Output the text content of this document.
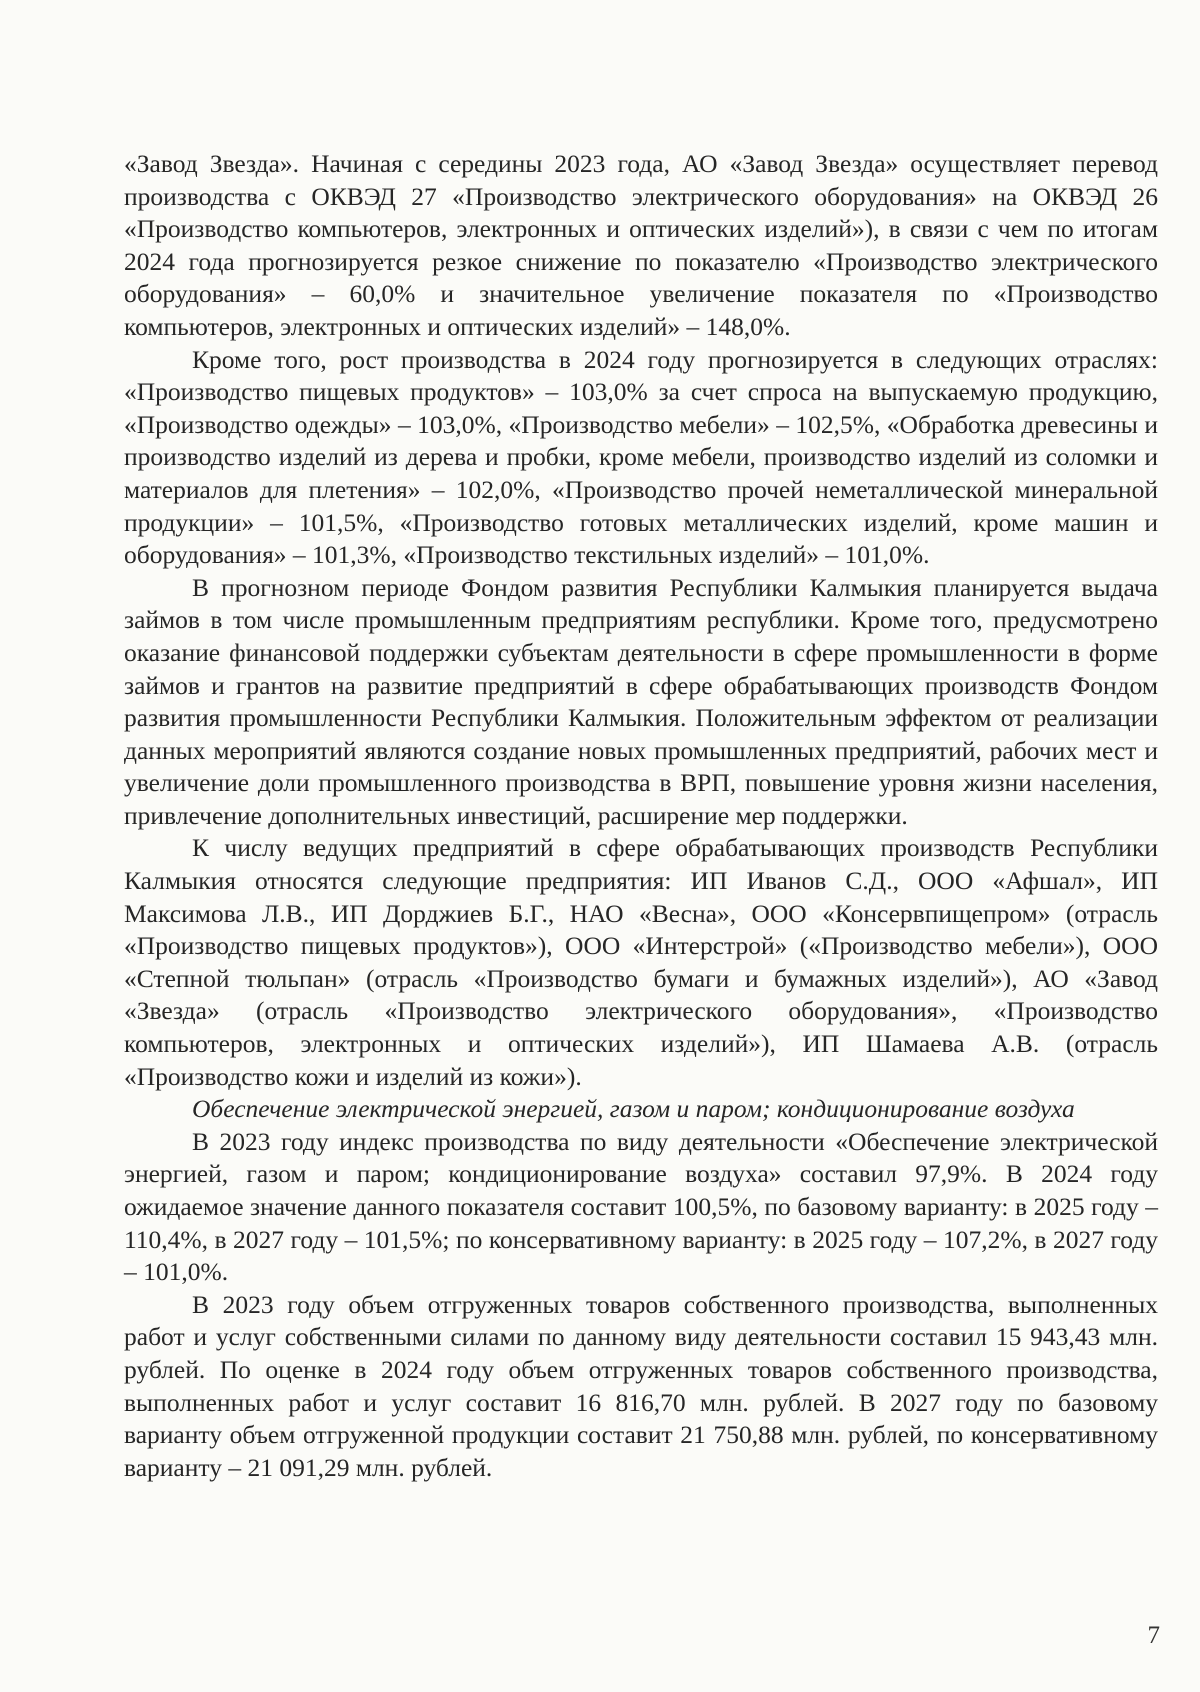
«Завод Звезда». Начиная с середины 2023 года, АО «Завод Звезда» осуществляет перевод производства с ОКВЭД 27 «Производство электрического оборудования» на ОКВЭД 26 «Производство компьютеров, электронных и оптических изделий»), в связи с чем по итогам 2024 года прогнозируется резкое снижение по показателю «Производство электрического оборудования» – 60,0% и значительное увеличение показателя по «Производство компьютеров, электронных и оптических изделий» – 148,0%.

Кроме того, рост производства в 2024 году прогнозируется в следующих отраслях: «Производство пищевых продуктов» – 103,0% за счет спроса на выпускаемую продукцию, «Производство одежды» – 103,0%, «Производство мебели» – 102,5%, «Обработка древесины и производство изделий из дерева и пробки, кроме мебели, производство изделий из соломки и материалов для плетения» – 102,0%, «Производство прочей неметаллической минеральной продукции» – 101,5%, «Производство готовых металлических изделий, кроме машин и оборудования» – 101,3%, «Производство текстильных изделий» – 101,0%.

В прогнозном периоде Фондом развития Республики Калмыкия планируется выдача займов в том числе промышленным предприятиям республики. Кроме того, предусмотрено оказание финансовой поддержки субъектам деятельности в сфере промышленности в форме займов и грантов на развитие предприятий в сфере обрабатывающих производств Фондом развития промышленности Республики Калмыкия. Положительным эффектом от реализации данных мероприятий являются создание новых промышленных предприятий, рабочих мест и увеличение доли промышленного производства в ВРП, повышение уровня жизни населения, привлечение дополнительных инвестиций, расширение мер поддержки.

К числу ведущих предприятий в сфере обрабатывающих производств Республики Калмыкия относятся следующие предприятия: ИП Иванов С.Д., ООО «Афшал», ИП Максимова Л.В., ИП Дорджиев Б.Г., НАО «Весна», ООО «Консервпищепром» (отрасль «Производство пищевых продуктов»), ООО «Интерстрой» («Производство мебели»), ООО «Степной тюльпан» (отрасль «Производство бумаги и бумажных изделий»), АО «Завод «Звезда» (отрасль «Производство электрического оборудования», «Производство компьютеров, электронных и оптических изделий»), ИП Шамаева А.В. (отрасль «Производство кожи и изделий из кожи»).

Обеспечение электрической энергией, газом и паром; кондиционирование воздуха

В 2023 году индекс производства по виду деятельности «Обеспечение электрической энергией, газом и паром; кондиционирование воздуха» составил 97,9%. В 2024 году ожидаемое значение данного показателя составит 100,5%, по базовому варианту: в 2025 году – 110,4%, в 2027 году – 101,5%; по консервативному варианту: в 2025 году – 107,2%, в 2027 году – 101,0%.

В 2023 году объем отгруженных товаров собственного производства, выполненных работ и услуг собственными силами по данному виду деятельности составил 15 943,43 млн. рублей. По оценке в 2024 году объем отгруженных товаров собственного производства, выполненных работ и услуг составит 16 816,70 млн. рублей. В 2027 году по базовому варианту объем отгруженной продукции составит 21 750,88 млн. рублей, по консервативному варианту – 21 091,29 млн. рублей.

7
